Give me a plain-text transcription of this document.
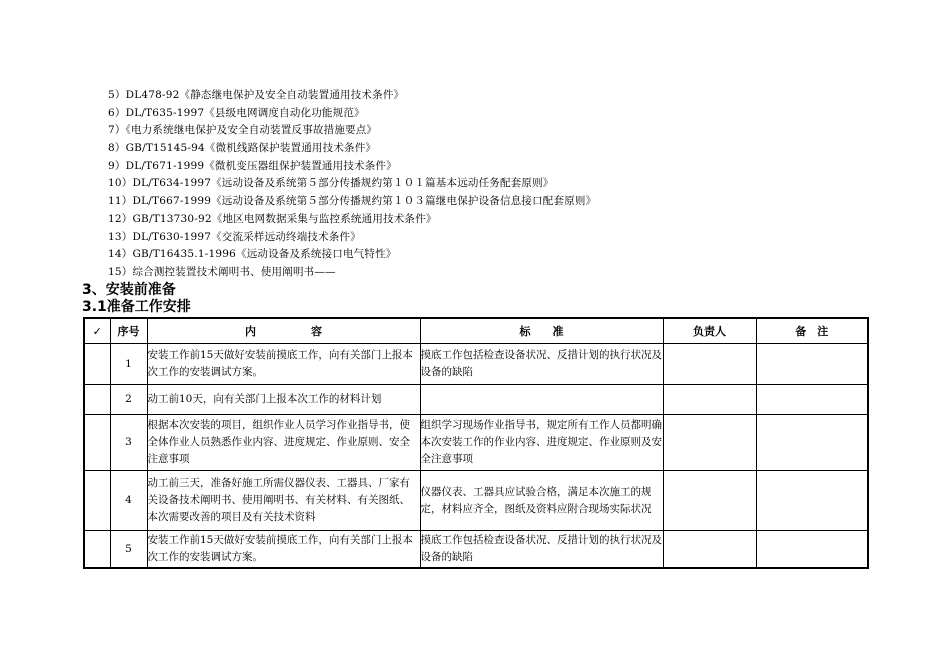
5）DL478-92《静态继电保护及安全自动装置通用技术条件》
6）DL/T635-1997《县级电网调度自动化功能规范》
7）《电力系统继电保护及安全自动装置反事故措施要点》
8）GB/T15145-94《微机线路保护装置通用技术条件》
9）DL/T671-1999《微机变压器组保护装置通用技术条件》
10）DL/T634-1997《远动设备及系统第５部分传播规约第１０１篇基本远动任务配套原则》
11）DL/T667-1999《远动设备及系统第５部分传播规约第１０３篇继电保护设备信息接口配套原则》
12）GB/T13730-92《地区电网数据采集与监控系统通用技术条件》
13）DL/T630-1997《交流采样远动终端技术条件》
14）GB/T16435.1-1996《远动设备及系统接口电气特性》
15）综合测控装置技术阐明书、使用阐明书——
3、安装前准备
3.1准备工作安排
✓	序号	内　　　　　容	标　　准	负责人	备　注
	1	安装工作前15天做好安装前摸底工作，向有关部门上报本次工作的安装调试方案。	摸底工作包括检查设备状况、反措计划的执行状况及设备的缺陷		
	2	动工前10天，向有关部门上报本次工作的材料计划			
	3	根据本次安装的项目，组织作业人员学习作业指导书，使全体作业人员熟悉作业内容、进度规定、作业原则、安全注意事项	组织学习现场作业指导书，规定所有工作人员都明确本次安装工作的作业内容、进度规定、作业原则及安全注意事项		
	4	动工前三天，准备好施工所需仪器仪表、工器具、厂家有关设备技术阐明书、使用阐明书、有关材料、有关图纸、本次需要改善的项目及有关技术资料	仪器仪表、工器具应试验合格，满足本次施工的规定，材料应齐全，图纸及资料应附合现场实际状况		
	5	安装工作前15天做好安装前摸底工作，向有关部门上报本次工作的安装调试方案。	摸底工作包括检查设备状况、反措计划的执行状况及设备的缺陷		
